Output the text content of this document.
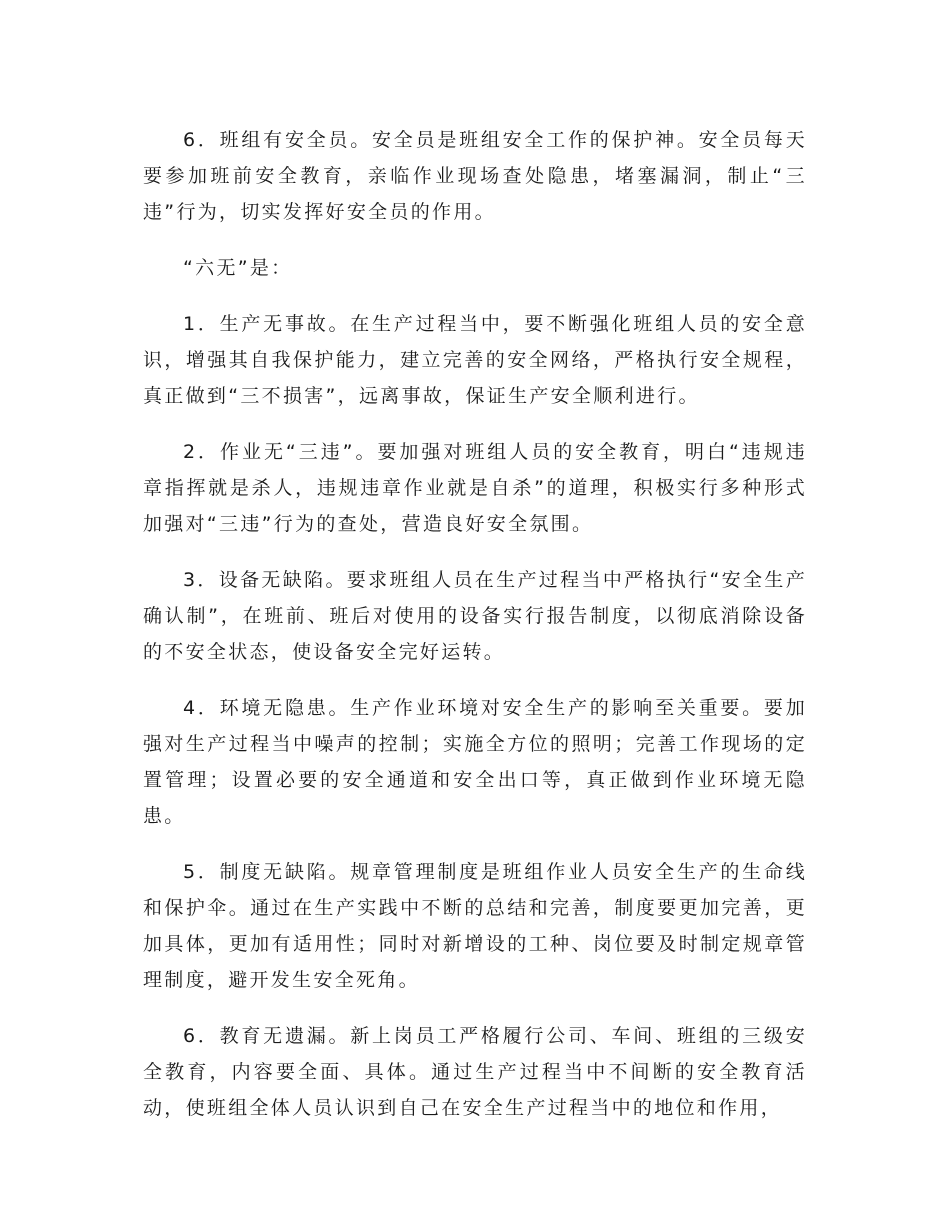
6．班组有安全员。安全员是班组安全工作的保护神。安全员每天要参加班前安全教育，亲临作业现场查处隐患，堵塞漏洞，制止“三违”行为，切实发挥好安全员的作用。

“六无”是：

1．生产无事故。在生产过程当中，要不断强化班组人员的安全意识，增强其自我保护能力，建立完善的安全网络，严格执行安全规程，真正做到“三不损害”，远离事故，保证生产安全顺利进行。

2．作业无“三违”。要加强对班组人员的安全教育，明白“违规违章指挥就是杀人，违规违章作业就是自杀”的道理，积极实行多种形式加强对“三违”行为的查处，营造良好安全氛围。

3．设备无缺陷。要求班组人员在生产过程当中严格执行“安全生产确认制”，在班前、班后对使用的设备实行报告制度，以彻底消除设备的不安全状态，使设备安全完好运转。

4．环境无隐患。生产作业环境对安全生产的影响至关重要。要加强对生产过程当中噪声的控制；实施全方位的照明；完善工作现场的定置管理；设置必要的安全通道和安全出口等，真正做到作业环境无隐患。

5．制度无缺陷。规章管理制度是班组作业人员安全生产的生命线和保护伞。通过在生产实践中不断的总结和完善，制度要更加完善，更加具体，更加有适用性；同时对新增设的工种、岗位要及时制定规章管理制度，避开发生安全死角。

6．教育无遗漏。新上岗员工严格履行公司、车间、班组的三级安全教育，内容要全面、具体。通过生产过程当中不间断的安全教育活动，使班组全体人员认识到自己在安全生产过程当中的地位和作用，
